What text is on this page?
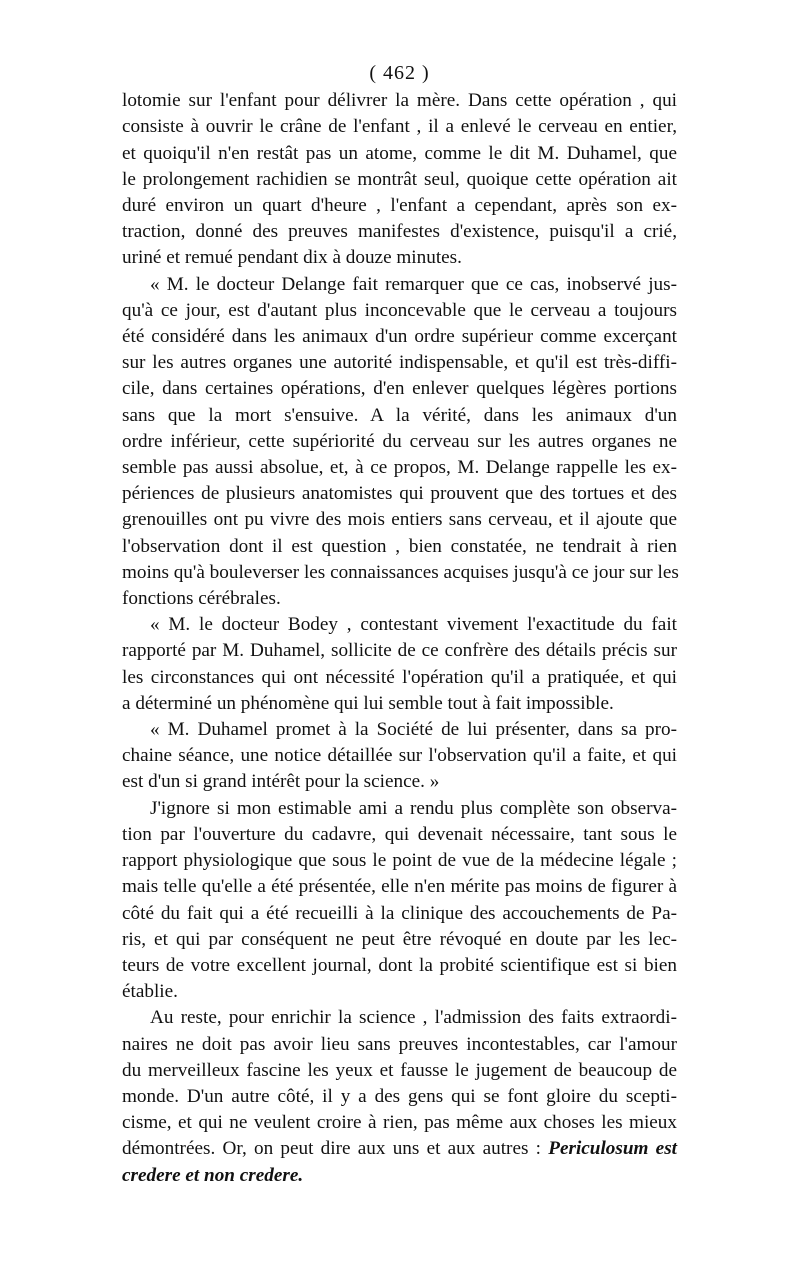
( 462 )

lotomie sur l'enfant pour délivrer la mère. Dans cette opération , qui
consiste à ouvrir le crâne de l'enfant , il a enlevé le cerveau en entier,
et quoiqu'il n'en restât pas un atome, comme le dit M. Duhamel, que
le prolongement rachidien se montrât seul, quoique cette opération ait
duré environ un quart d'heure , l'enfant a cependant, après son ex-
traction, donné des preuves manifestes d'existence, puisqu'il a crié,
uriné et remué pendant dix à douze minutes.

« M. le docteur Delange fait remarquer que ce cas, inobservé jus-
qu'à ce jour, est d'autant plus inconcevable que le cerveau a toujours
été considéré dans les animaux d'un ordre supérieur comme excerçant
sur les autres organes une autorité indispensable, et qu'il est très-diffi-
cile, dans certaines opérations, d'en enlever quelques légères portions
sans que la mort s'ensuive. A la vérité, dans les animaux d'un
ordre inférieur, cette supériorité du cerveau sur les autres organes ne
semble pas aussi absolue, et, à ce propos, M. Delange rappelle les ex-
périences de plusieurs anatomistes qui prouvent que des tortues et des
grenouilles ont pu vivre des mois entiers sans cerveau, et il ajoute que
l'observation dont il est question , bien constatée, ne tendrait à rien
moins qu'à bouleverser les connaissances acquises jusqu'à ce jour sur les
fonctions cérébrales.

« M. le docteur Bodey , contestant vivement l'exactitude du fait
rapporté par M. Duhamel, sollicite de ce confrère des détails précis sur
les circonstances qui ont nécessité l'opération qu'il a pratiquée, et qui
a déterminé un phénomène qui lui semble tout à fait impossible.

« M. Duhamel promet à la Société de lui présenter, dans sa pro-
chaine séance, une notice détaillée sur l'observation qu'il a faite, et qui
est d'un si grand intérêt pour la science. »

J'ignore si mon estimable ami a rendu plus complète son observa-
tion par l'ouverture du cadavre, qui devenait nécessaire, tant sous le
rapport physiologique que sous le point de vue de la médecine légale ;
mais telle qu'elle a été présentée, elle n'en mérite pas moins de figurer à
côté du fait qui a été recueilli à la clinique des accouchements de Pa-
ris, et qui par conséquent ne peut être révoqué en doute par les lec-
teurs de votre excellent journal, dont la probité scientifique est si bien
établie.

Au reste, pour enrichir la science , l'admission des faits extraordi-
naires ne doit pas avoir lieu sans preuves incontestables, car l'amour
du merveilleux fascine les yeux et fausse le jugement de beaucoup de
monde. D'un autre côté, il y a des gens qui se font gloire du scepti-
cisme, et qui ne veulent croire à rien, pas même aux choses les mieux
démontrées. Or, on peut dire aux uns et aux autres : Periculosum est
credere et non credere.
